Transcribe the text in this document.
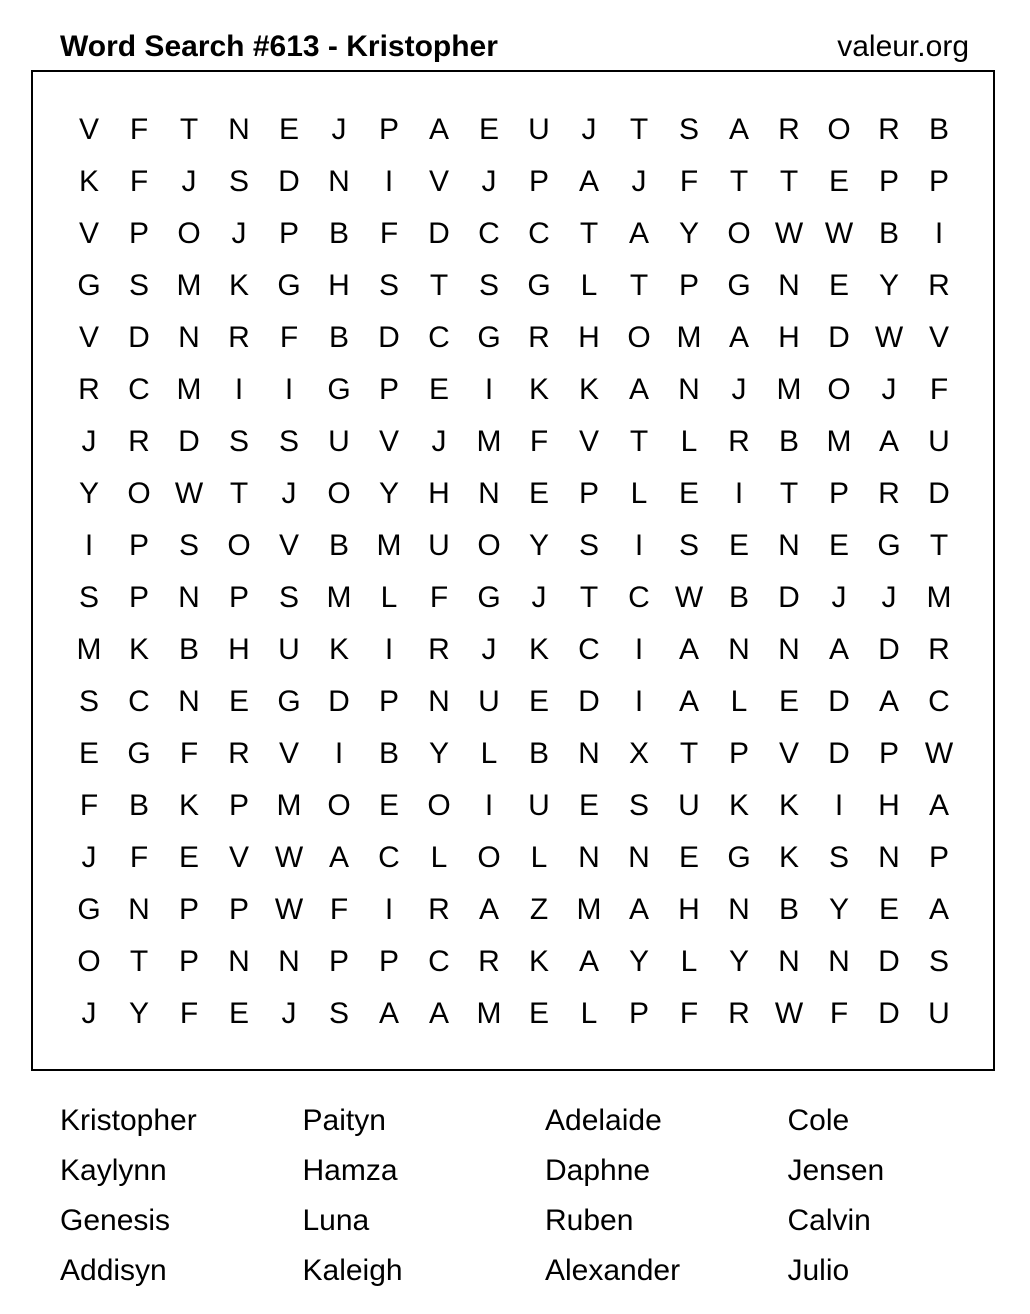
Word Search #613 - Kristopher	valeur.org
V	F	T	N E	J	P A E U	J	T	S A R O R B
K	F	J	S D N	I	V	J	P A	J	F	T	T	E P P
V P O	J	P B	F	D C C	T	A Y O W W B	I
G S M K G H S	T	S G L	T	P G N E Y R
V D N R	F	B D C G R H O M A H D W V
R C M	I	I	G P E	I	K K A N	J	M O	J	F
J	R D S S U V	J	M F	V	T	L	R B M A U
Y O W T	J	O Y H N E P	L	E	I	T	P R D
I	P S O V B M U O Y S	I	S E N E G T
S P N P S M L	F G	J	T	C W B D	J	J	M
M K B H U K	I	R	J	K C	I	A N N A D R
S C N E G D P N U E D	I	A	L	E D A C
E G F	R V	I	B Y	L	B N X	T	P V D P W
F	B K P M O E O	I	U E S U K K	I	H A
J	F	E V W A C	L O L	N N E G K S N P
G N P P W F	I	R A	Z M A H N B Y E A
O T	P N N P P C R K A Y	L	Y N N D S
J	Y	F	E	J	S A A M E	L	P	F	R W F	D U
Kristopher	Paityn	Adelaide	Cole
Kaylynn	Hamza	Daphne	Jensen
Genesis	Luna	Ruben	Calvin
Addisyn	Kaleigh	Alexander	Julio
